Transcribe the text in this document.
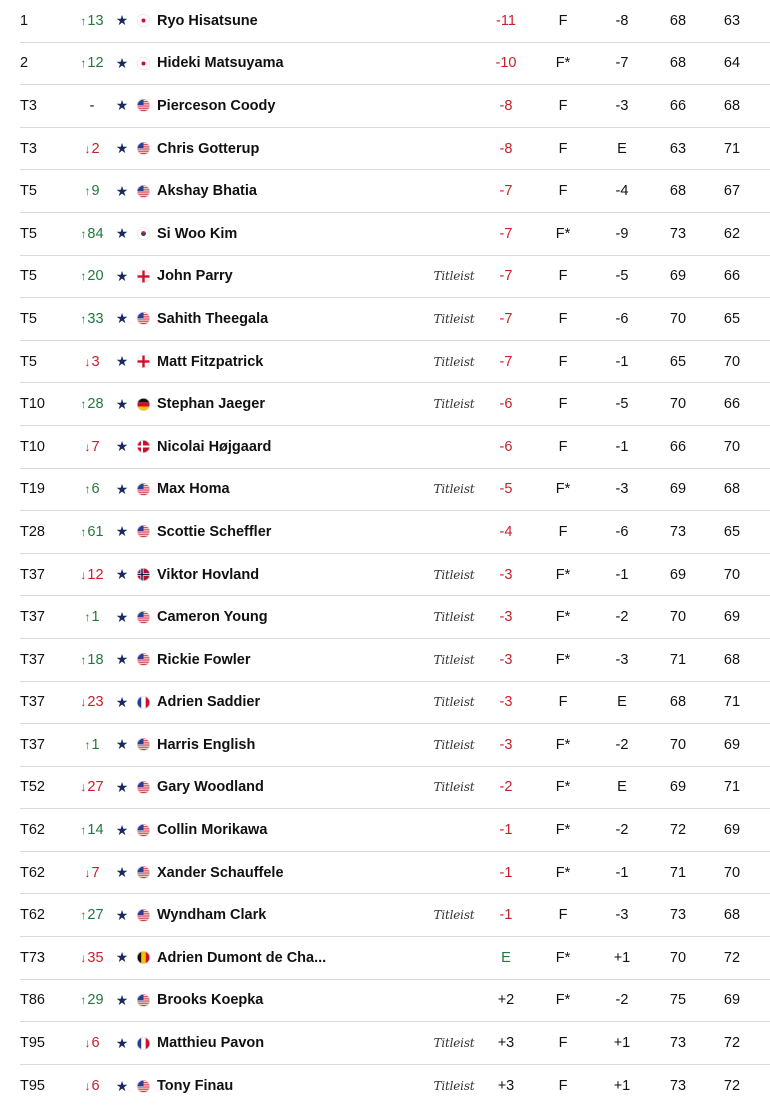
1	↑ 13 ★ Ryo Hisatsune	-11	F	-8	68	63
2	↑ 12 ★ Hideki Matsuyama	-10	F*	-7	68	64
T3	- ★ Pierceson Coody	-8	F	-3	66	68
T3	↓ 2 ★ Chris Gotterup	-8	F	E	63	71
T5	↑ 9 ★ Akshay Bhatia	-7	F	-4	68	67
T5	↑ 84 ★ Si Woo Kim	-7	F*	-9	73	62
T5	↑ 20 ★ John Parry	Titleist	-7	F	-5	69	66
T5	↑ 33 ★ Sahith Theegala	Titleist	-7	F	-6	70	65
T5	↓ 3 ★ Matt Fitzpatrick	Titleist	-7	F	-1	65	70
T10	↑ 28 ★ Stephan Jaeger	Titleist	-6	F	-5	70	66
T10	↓ 7 ★ Nicolai Højgaard	-6	F	-1	66	70
T19	↑ 6 ★ Max Homa	Titleist	-5	F*	-3	69	68
T28	↑ 61 ★ Scottie Scheffler	-4	F	-6	73	65
T37	↓ 12 ★ Viktor Hovland	Titleist	-3	F*	-1	69	70
T37	↑ 1 ★ Cameron Young	Titleist	-3	F*	-2	70	69
T37	↑ 18 ★ Rickie Fowler	Titleist	-3	F*	-3	71	68
T37	↓ 23 ★ Adrien Saddier	Titleist	-3	F	E	68	71
T37	↑ 1 ★ Harris English	Titleist	-3	F*	-2	70	69
T52	↓ 27 ★ Gary Woodland	Titleist	-2	F*	E	69	71
T62	↑ 14 ★ Collin Morikawa	-1	F*	-2	72	69
T62	↓ 7 ★ Xander Schauffele	-1	F*	-1	71	70
T62	↑ 27 ★ Wyndham Clark	Titleist	-1	F	-3	73	68
T73	↓ 35 ★ Adrien Dumont de Cha...	E	F*	+1	70	72
T86	↑ 29 ★ Brooks Koepka	+2	F*	-2	75	69
T95	↓ 6 ★ Matthieu Pavon	Titleist	+3	F	+1	73	72
T95	↓ 6 ★ Tony Finau	Titleist	+3	F	+1	73	72
